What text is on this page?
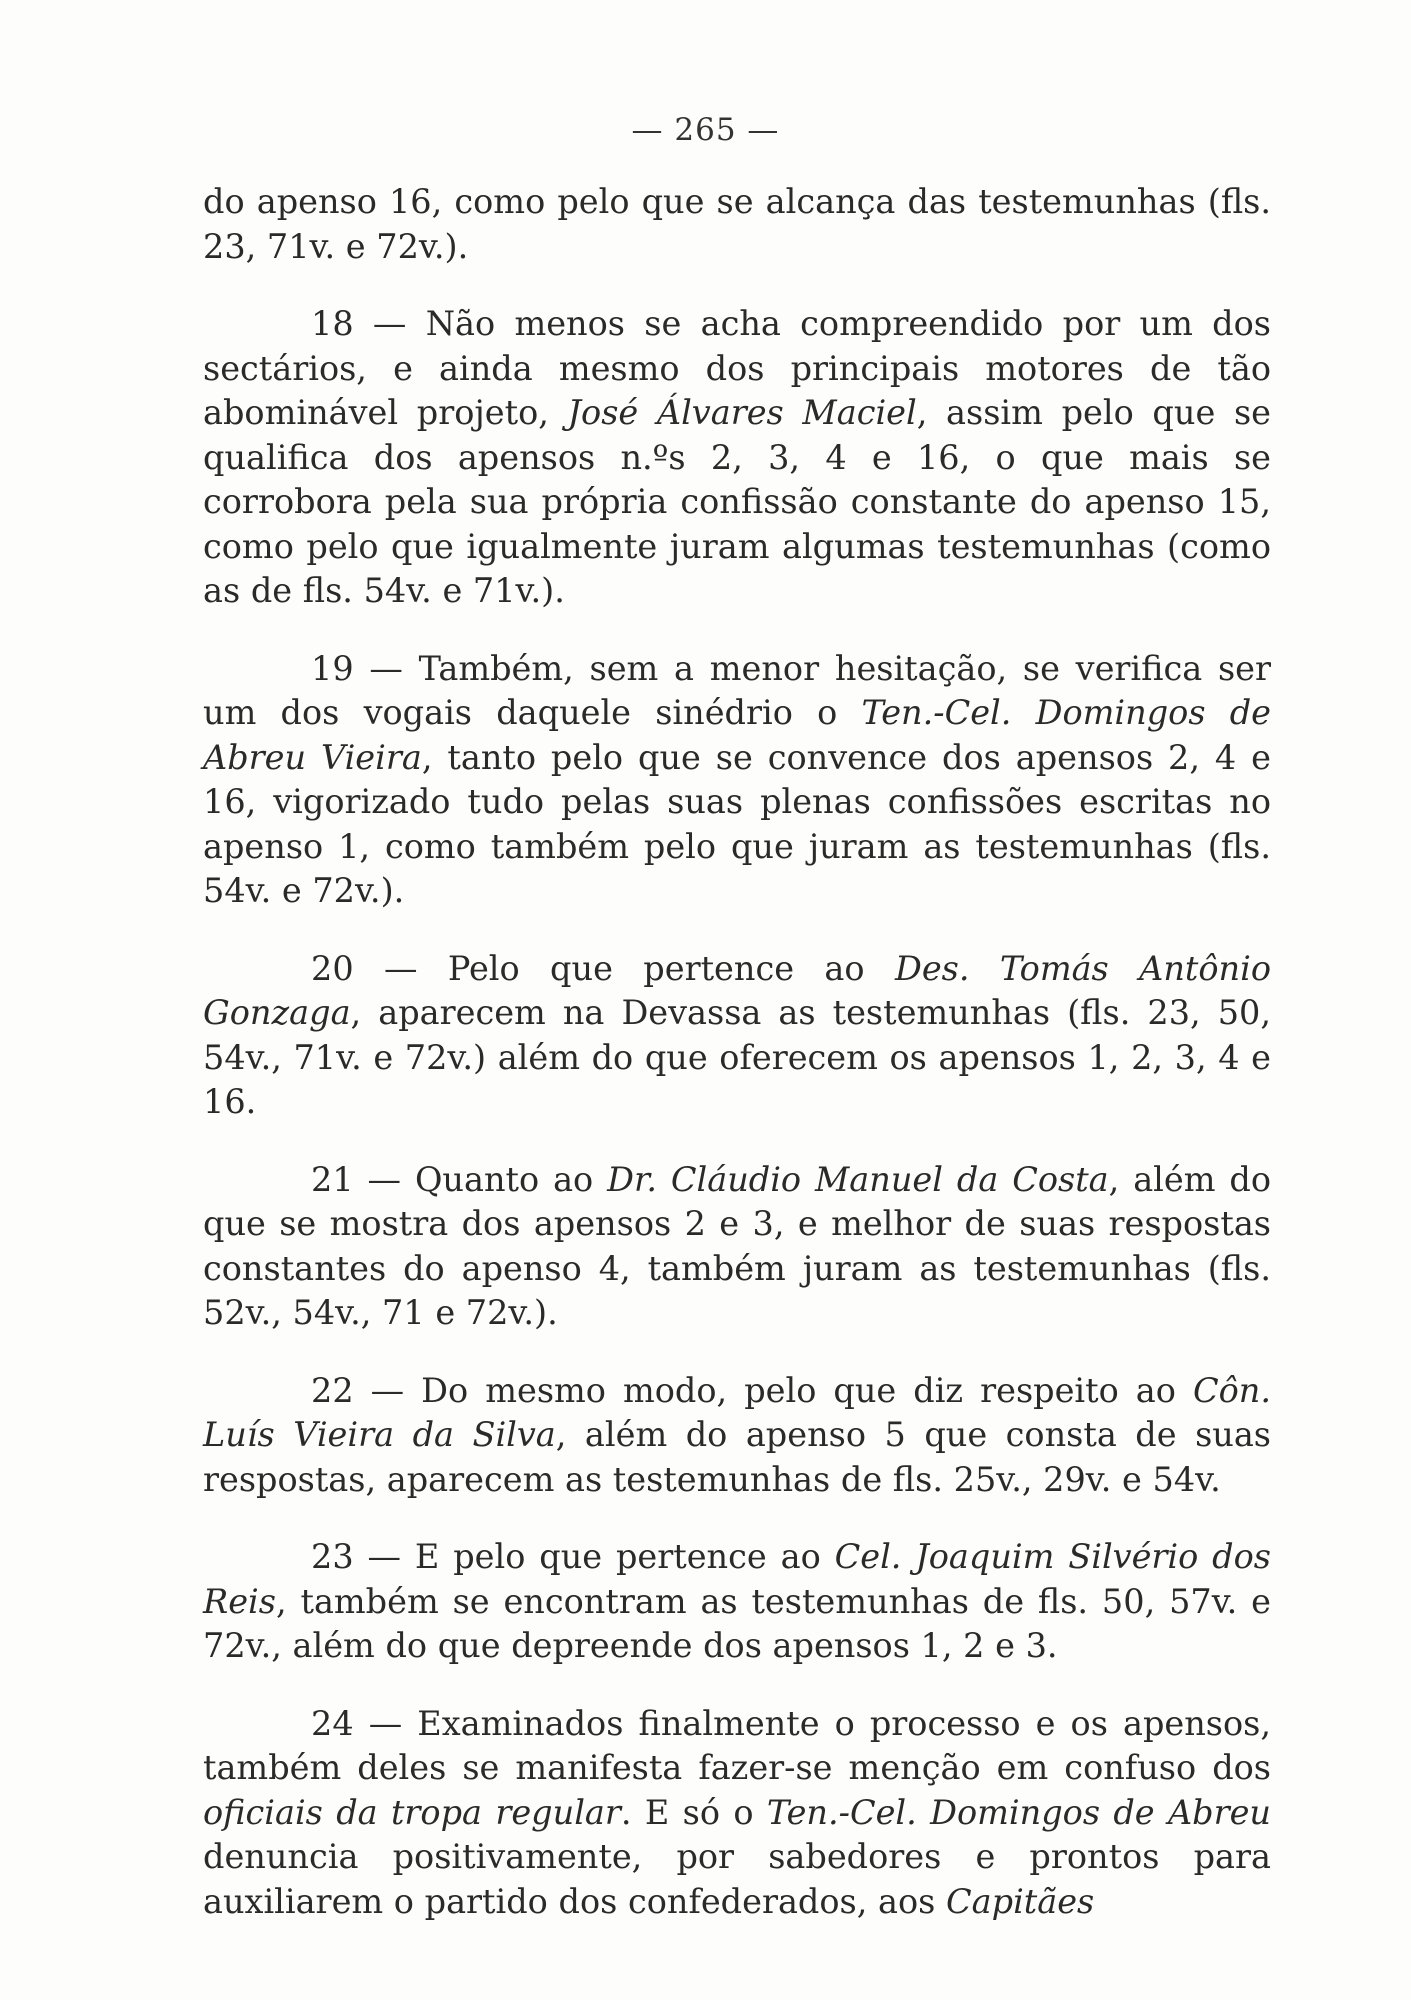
— 265 —

do apenso 16, como pelo que se alcança das testemunhas (fls. 23, 71v. e 72v.).

18 — Não menos se acha compreendido por um dos sectários, e ainda mesmo dos principais motores de tão abominável projeto, José Álvares Maciel, assim pelo que se qualifica dos apensos n.ºs 2, 3, 4 e 16, o que mais se corrobora pela sua própria confissão constante do apenso 15, como pelo que igualmente juram algumas testemunhas (como as de fls. 54v. e 71v.).

19 — Também, sem a menor hesitação, se verifica ser um dos vogais daquele sinédrio o Ten.-Cel. Domingos de Abreu Vieira, tanto pelo que se convence dos apensos 2, 4 e 16, vigorizado tudo pelas suas plenas confissões escritas no apenso 1, como também pelo que juram as testemunhas (fls. 54v. e 72v.).

20 — Pelo que pertence ao Des. Tomás Antônio Gonzaga, aparecem na Devassa as testemunhas (fls. 23, 50, 54v., 71v. e 72v.) além do que oferecem os apensos 1, 2, 3, 4 e 16.

21 — Quanto ao Dr. Cláudio Manuel da Costa, além do que se mostra dos apensos 2 e 3, e melhor de suas respostas constantes do apenso 4, também juram as testemunhas (fls. 52v., 54v., 71 e 72v.).

22 — Do mesmo modo, pelo que diz respeito ao Côn. Luís Vieira da Silva, além do apenso 5 que consta de suas respostas, aparecem as testemunhas de fls. 25v., 29v. e 54v.

23 — E pelo que pertence ao Cel. Joaquim Silvério dos Reis, também se encontram as testemunhas de fls. 50, 57v. e 72v., além do que depreende dos apensos 1, 2 e 3.

24 — Examinados finalmente o processo e os apensos, também deles se manifesta fazer-se menção em confuso dos oficiais da tropa regular. E só o Ten.-Cel. Domingos de Abreu denuncia positivamente, por sabedores e prontos para auxiliarem o partido dos confederados, aos Capitães
